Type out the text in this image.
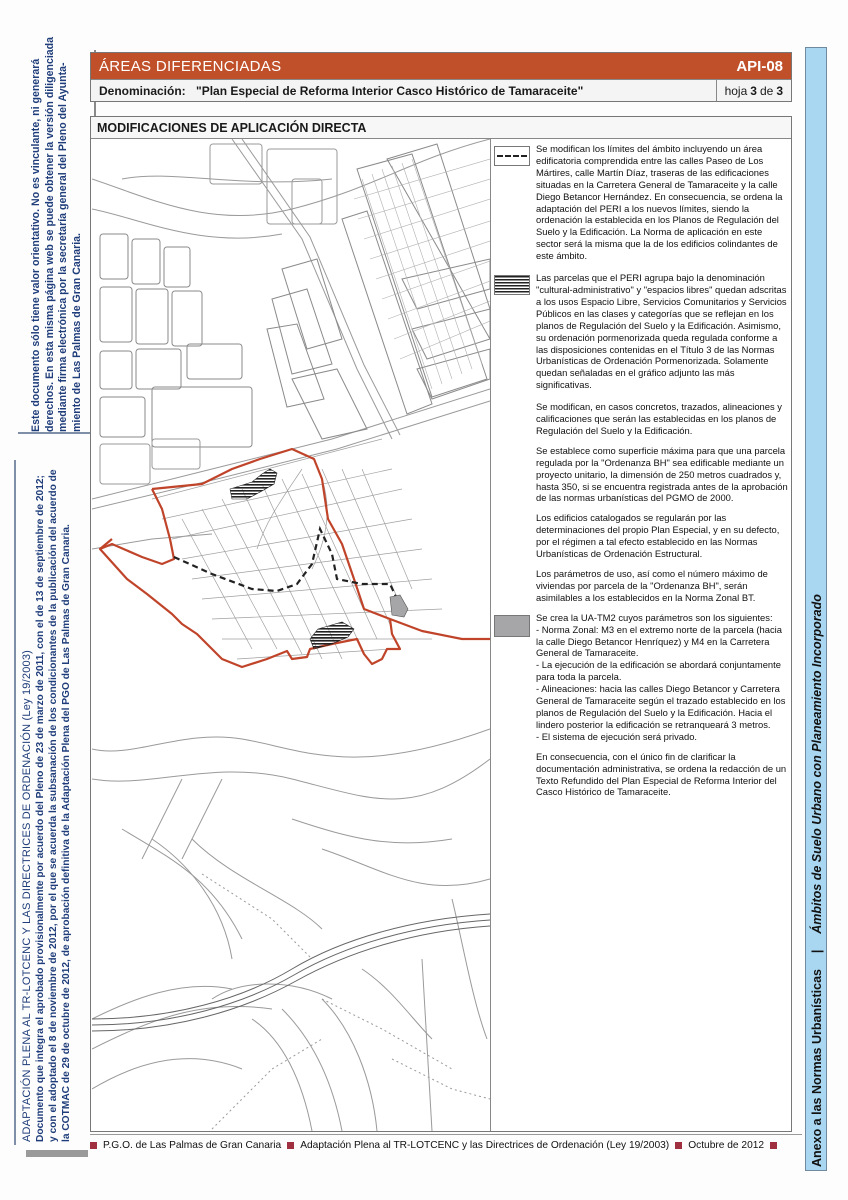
Este documento sólo tiene valor orientativo. No es vinculante, ni generará derechos. En esta misma página web se puede obtener la versión diligenciada mediante firma electrónica por la secretaría general del Pleno del Ayunta- miento de Las Palmas de Gran Canaria.

ADAPTACIÓN PLENA AL TR-LOTCENC Y LAS DIRECTRICES DE ORDENACIÓN (Ley 19/2003) Documento que integra el aprobado provisionalmente por acuerdo del Pleno de 23 de marzo de 2011, con el de 13 de septiembre de 2012; y con el adoptado el 8 de noviembre de 2012, por el que se acuerda la subsanación de los condicionantes de la publicación del acuerdo de la COTMAC de 29 de octubre de 2012, de aprobación definitiva de la Adaptación Plena del PGO de Las Palmas de Gran Canaria.

ÁREAS DIFERENCIADAS	API-08
Denominación: "Plan Especial de Reforma Interior Casco Histórico de Tamaraceite"	hoja 3 de 3
Anexo a las Normas Urbanísticas    |    Ámbitos de Suelo Urbano con Planeamiento Incorporado
MODIFICACIONES DE APLICACIÓN DIRECTA
Se modifican los límites del ámbito incluyendo un área edificatoria comprendida entre las calles Paseo de Los Mártires, calle Martín Díaz, traseras de las edificaciones situadas en la Carretera General de Tamaraceite y la calle Diego Betancor Hernández. En consecuencia, se ordena la adaptación del PERI a los nuevos límites, siendo la ordenación la establecida en los Planos de Regulación del Suelo y la Edificación. La Norma de aplicación en este sector será la misma que la de los edificios colindantes de este ámbito.
Las parcelas que el PERI agrupa bajo la denominación "cultural-administrativo" y "espacios libres" quedan adscritas a los usos Espacio Libre, Servicios Comunitarios y Servicios Públicos en las clases y categorías que se reflejan en los planos de Regulación del Suelo y la Edificación. Asimismo, su ordenación pormenorizada queda regulada conforme a las disposiciones contenidas en el Título 3 de las Normas Urbanísticas de Ordenación Pormenorizada. Solamente quedan señaladas en el gráfico adjunto las más significativas.
Se modifican, en casos concretos, trazados, alineaciones y calificaciones que serán las establecidas en los planos de Regulación del Suelo y la Edificación.
Se establece como superficie máxima para que una parcela regulada por la "Ordenanza BH" sea edificable mediante un proyecto unitario, la dimensión de 250 metros cuadrados y, hasta 350, si se encuentra registrada antes de la aprobación de las normas urbanísticas del PGMO de 2000.
Los edificios catalogados se regularán por las determinaciones del propio Plan Especial, y en su defecto, por el régimen a tal efecto establecido en las Normas Urbanísticas de Ordenación Estructural.
Los parámetros de uso, así como el número máximo de viviendas por parcela de la "Ordenanza BH", serán asimilables a los establecidos en la Norma Zonal BT.
Se crea la UA-TM2 cuyos parámetros son los siguientes:
- Norma Zonal: M3 en el extremo norte de la parcela (hacia la calle Diego Betancor Henríquez) y M4 en la Carretera General de Tamaraceite.
- La ejecución de la edificación se abordará conjuntamente para toda la parcela.
- Alineaciones: hacia las calles Diego Betancor y Carretera General de Tamaraceite según el trazado establecido en los planos de Regulación del Suelo y la Edificación. Hacia el lindero posterior la edificación se retranqueará 3 metros.
- El sistema de ejecución será privado.
En consecuencia, con el único fin de clarificar la documentación administrativa, se ordena la redacción de un Texto Refundido del Plan Especial de Reforma Interior del Casco Histórico de Tamaraceite.
P.G.O. de Las Palmas de Gran Canaria Adaptación Plena al TR-LOTCENC y las Directrices de Ordenación (Ley 19/2003) Octubre de 2012
